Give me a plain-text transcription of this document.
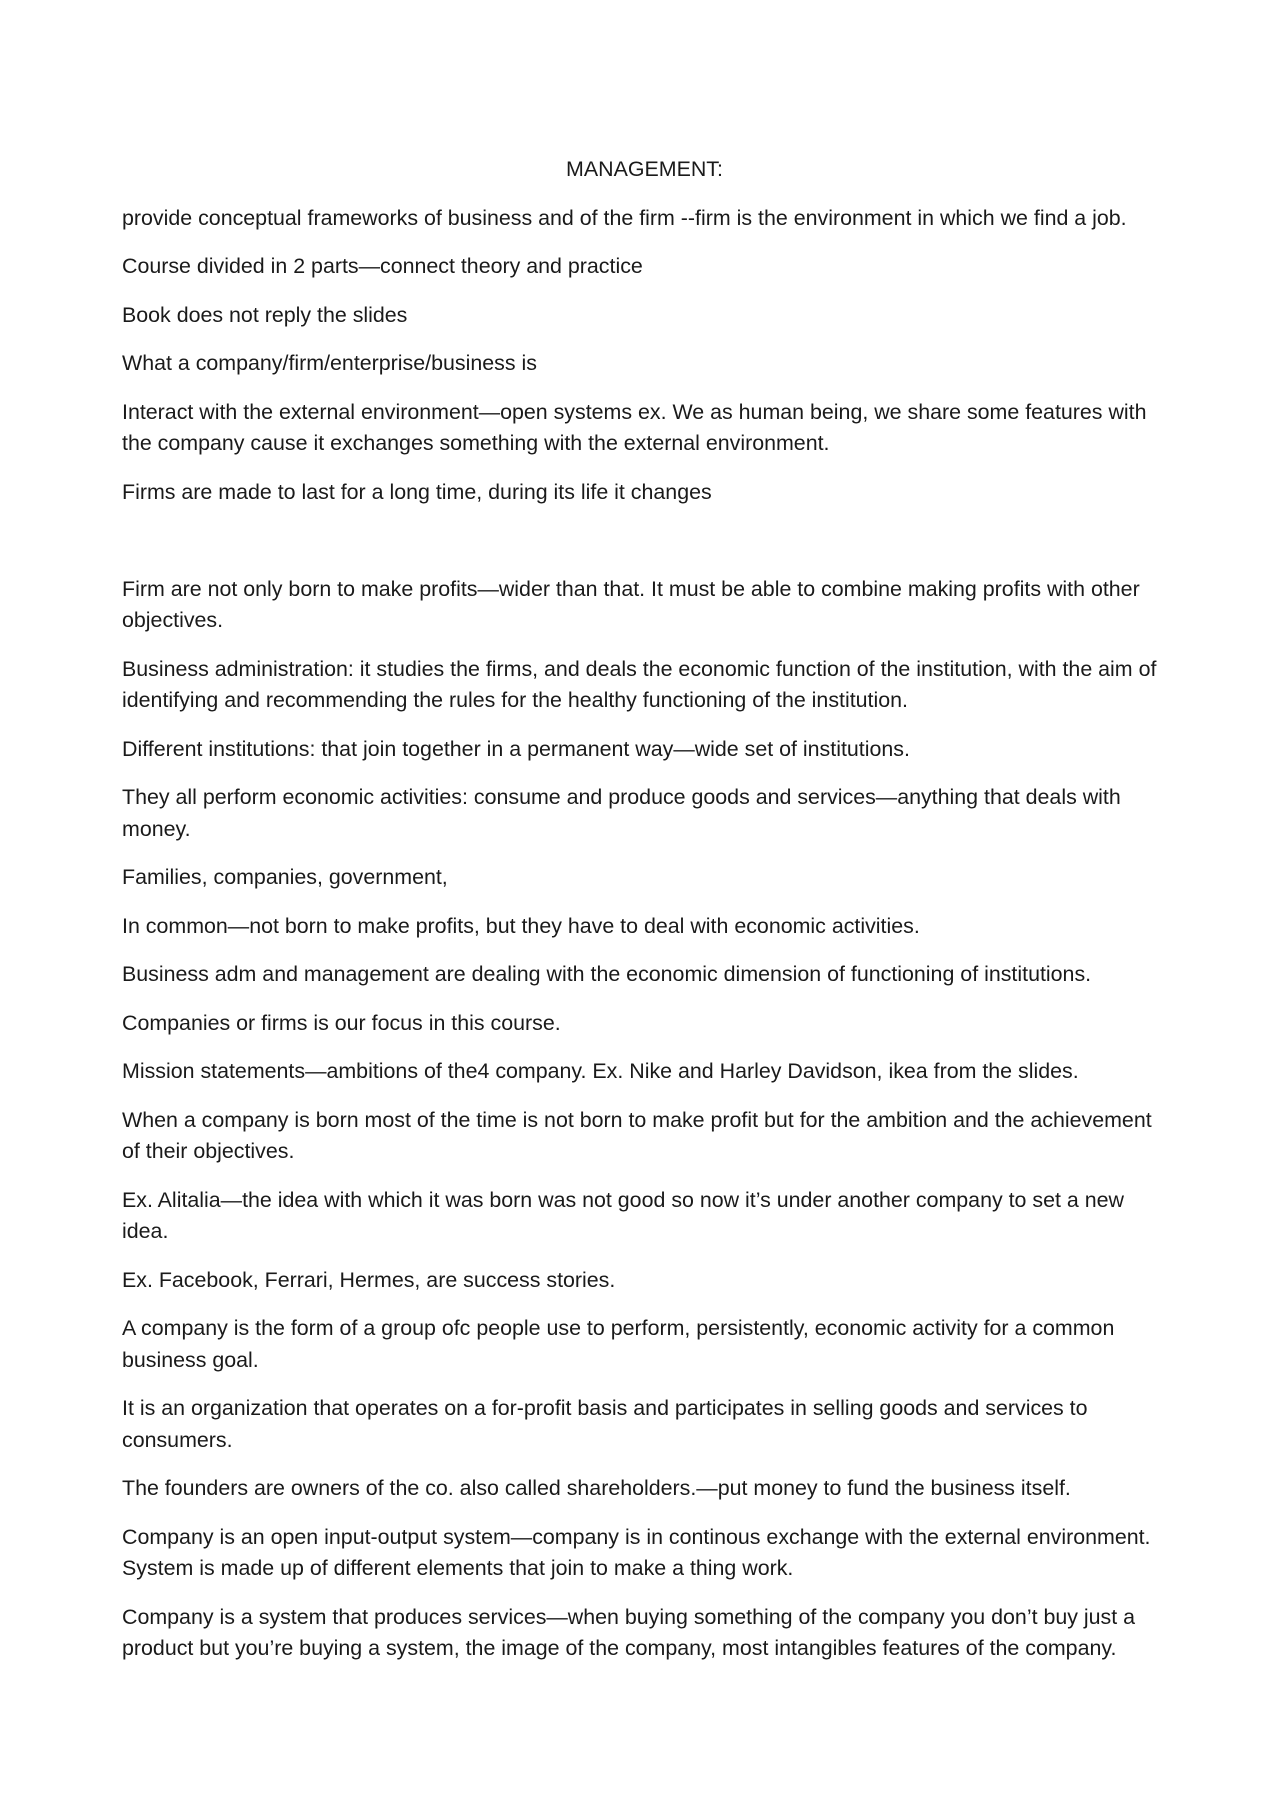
MANAGEMENT:

provide conceptual frameworks of business and of the firm --firm is the environment in which we find a job.

Course divided in 2 parts—connect theory and practice

Book does not reply the slides

What a company/firm/enterprise/business is

Interact with the external environment—open systems ex. We as human being, we share some features with the company cause it exchanges something with the external environment.

Firms are made to last for a long time, during its life it changes

Firm are not only born to make profits—wider than that. It must be able to combine making profits with other objectives.

Business administration: it studies the firms, and deals the economic function of the institution, with the aim of identifying and recommending the rules for the healthy functioning of the institution.

Different institutions: that join together in a permanent way—wide set of institutions.

They all perform economic activities: consume and produce goods and services—anything that deals with money.

Families, companies, government,

In common—not born to make profits, but they have to deal with economic activities.

Business adm and management are dealing with the economic dimension of functioning of institutions.

Companies or firms is our focus in this course.

Mission statements—ambitions of the4 company. Ex. Nike and Harley Davidson, ikea from the slides.

When a company is born most of the time is not born to make profit but for the ambition and the achievement of their objectives.

Ex. Alitalia—the idea with which it was born was not good so now it’s under another company to set a new idea.

Ex. Facebook, Ferrari, Hermes, are success stories.

A company is the form of a group ofc people use to perform, persistently, economic activity for a common business goal.

It is an organization that operates on a for-profit basis and participates in selling goods and services to consumers.

The founders are owners of the co. also called shareholders.—put money to fund the business itself.

Company is an open input-output system—company is in continous exchange with the external environment. System is made up of different elements that join to make a thing work.

Company is a system that produces services—when buying something of the company you don’t buy just a product but you’re buying a system, the image of the company, most intangibles features of the company.
